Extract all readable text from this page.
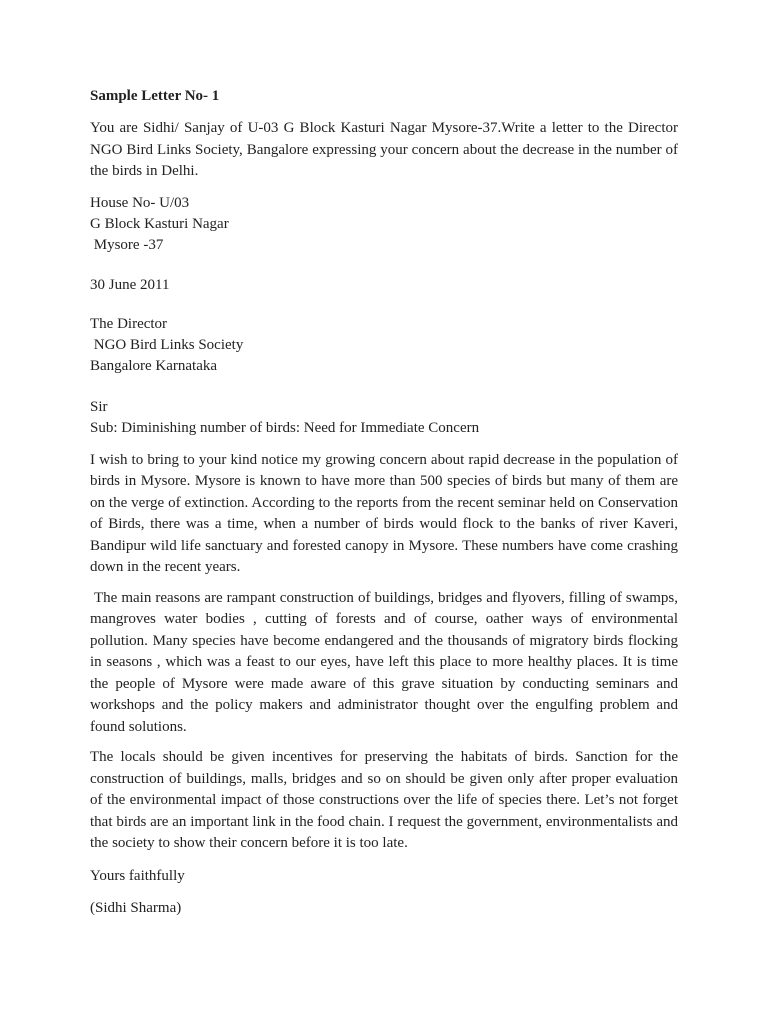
Sample Letter No- 1

You are Sidhi/ Sanjay of U-03 G Block Kasturi Nagar Mysore-37.Write a letter to the Director NGO Bird Links Society, Bangalore expressing your concern about the decrease in the number of the birds in Delhi.

House No- U/03
G Block Kasturi Nagar
Mysore -37
30 June 2011
The Director
NGO Bird Links Society
Bangalore Karnataka
Sir
Sub: Diminishing number of birds: Need for Immediate Concern

I wish to bring to your kind notice my growing concern about rapid decrease in the population of birds in Mysore. Mysore is known to have more than 500 species of birds but many of them are on the verge of extinction. According to the reports from the recent seminar held on Conservation of Birds, there was a time, when a number of birds would flock to the banks of river Kaveri, Bandipur wild life sanctuary and forested canopy in Mysore. These numbers have come crashing down in the recent years.

The main reasons are rampant construction of buildings, bridges and flyovers, filling of swamps, mangroves water bodies , cutting of forests and of course, oather ways of environmental pollution. Many species have become endangered and the thousands of migratory birds flocking in seasons , which was a feast to our eyes, have left this place to more healthy places. It is time the people of Mysore were made aware of this grave situation by conducting seminars and workshops and the policy makers and administrator thought over the engulfing problem and found solutions.

The locals should be given incentives for preserving the habitats of birds. Sanction for the construction of buildings, malls, bridges and so on should be given only after proper evaluation of the environmental impact of those constructions over the life of species there. Let’s not forget that birds are an important link in the food chain. I request the government, environmentalists and the society to show their concern before it is too late.

Yours faithfully
(Sidhi Sharma)
